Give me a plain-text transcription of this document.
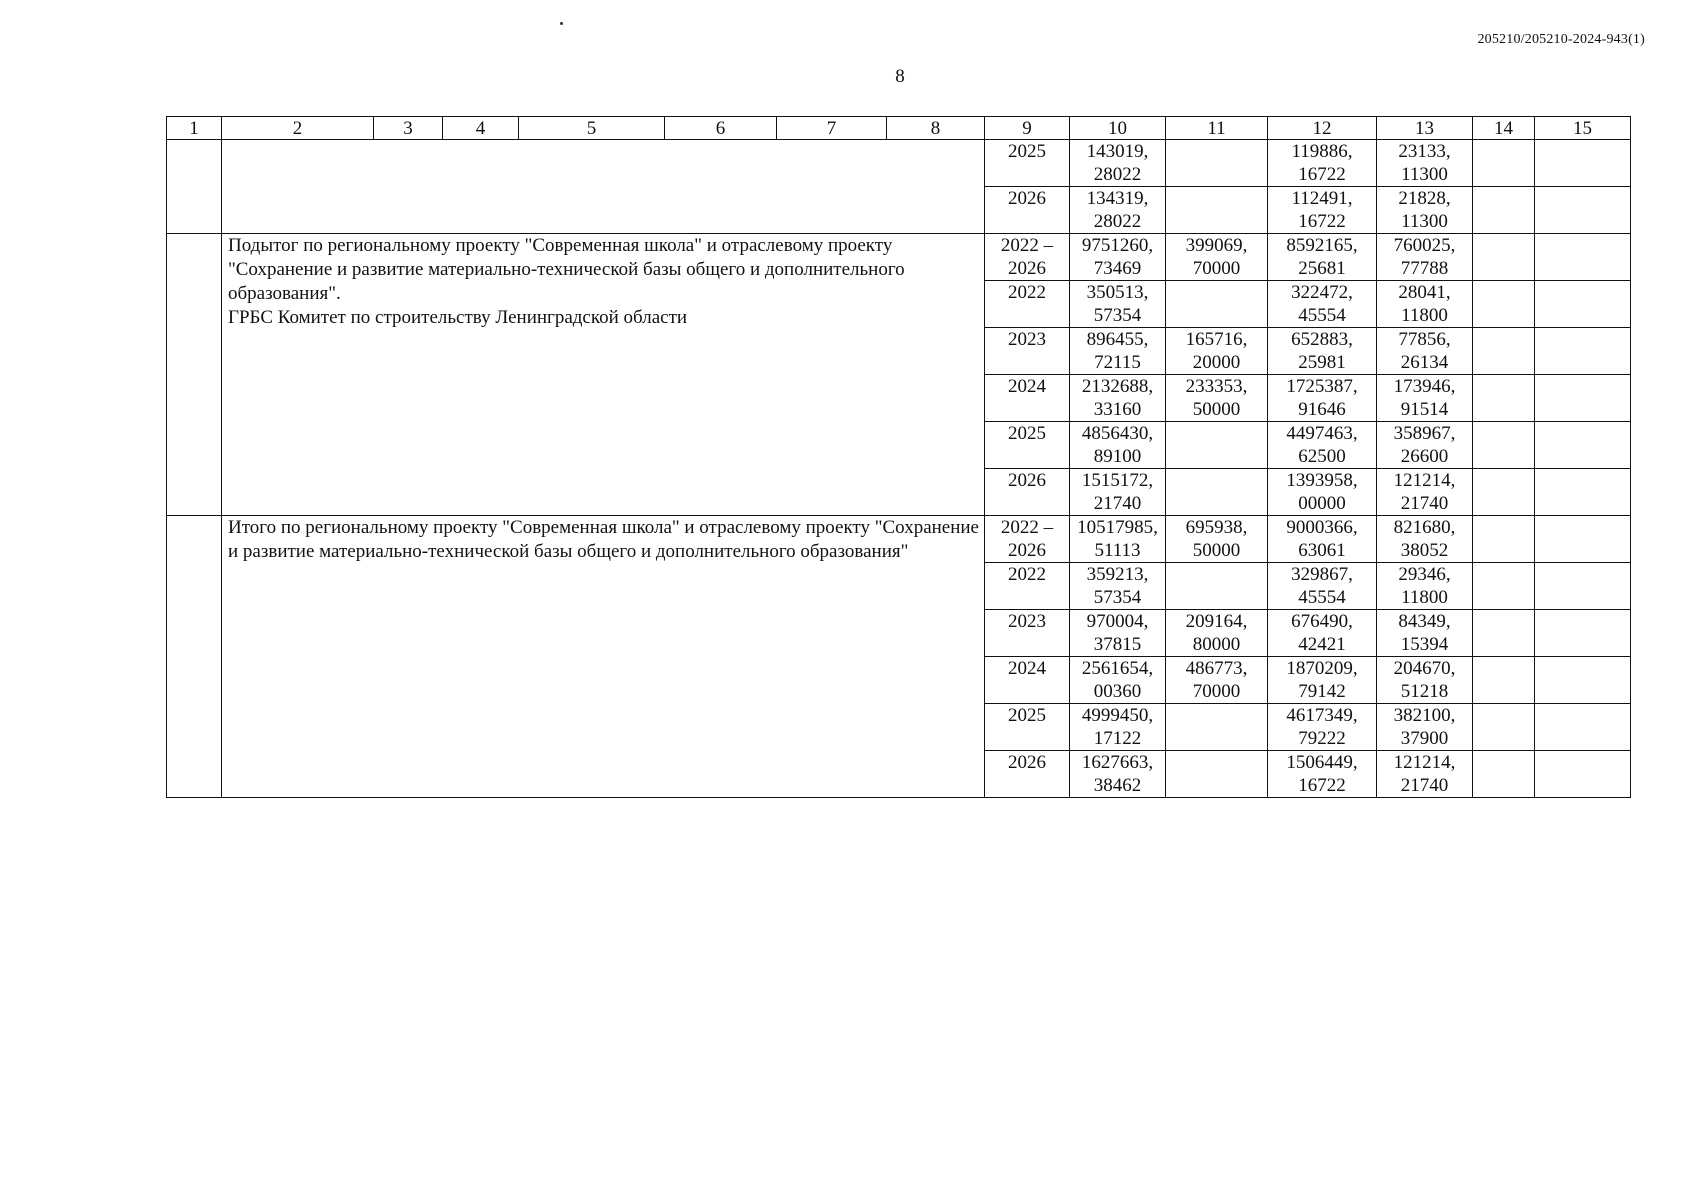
205210/205210-2024-943(1)
8
1	2	3	4	5	6	7	8	9	10	11	12	13	14	15
								2025	143019,
28022		119886,
16722	23133,
11300		
								2026	134319,
28022		112491,
16722	21828,
11300		
	Подытог по региональному проекту "Современная школа" и отраслевому проекту "Сохранение и развитие материально-технической базы общего и дополнительного образования".
ГРБС Комитет по строительству Ленинградской области							2022 –
2026	9751260,
73469	399069,
70000	8592165,
25681	760025,
77788		
								2022	350513,
57354		322472,
45554	28041,
11800		
								2023	896455,
72115	165716,
20000	652883,
25981	77856,
26134		
								2024	2132688,
33160	233353,
50000	1725387,
91646	173946,
91514		
								2025	4856430,
89100		4497463,
62500	358967,
26600		
								2026	1515172,
21740		1393958,
00000	121214,
21740		
	Итого по региональному проекту "Современная школа" и отраслевому проекту "Сохранение и развитие материально-технической базы общего и дополнительного образования"							2022 –
2026	10517985,
51113	695938,
50000	9000366,
63061	821680,
38052		
								2022	359213,
57354		329867,
45554	29346,
11800		
								2023	970004,
37815	209164,
80000	676490,
42421	84349,
15394		
								2024	2561654,
00360	486773,
70000	1870209,
79142	204670,
51218		
								2025	4999450,
17122		4617349,
79222	382100,
37900		
								2026	1627663,
38462		1506449,
16722	121214,
21740		
